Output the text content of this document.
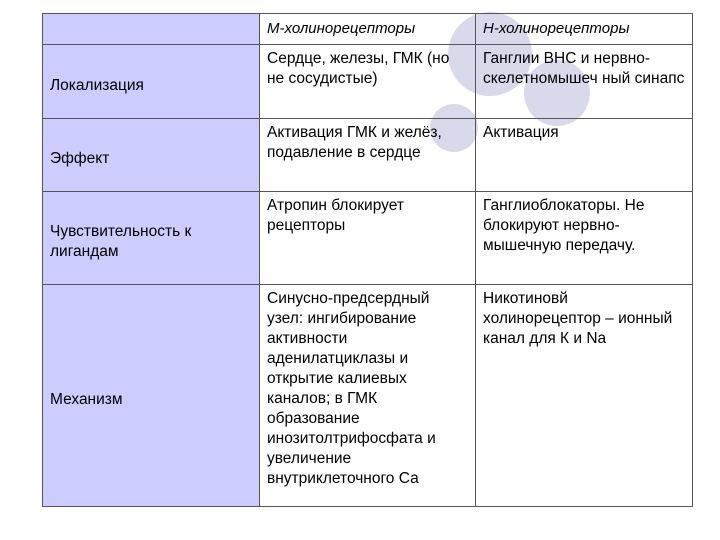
	М-холинорецепторы	Н-холинорецепторы
Локализация	Сердце, железы, ГМК (но не сосудистые)	Ганглии ВНС и нервно-скелетномышеч ный синапс
Эффект	Активация ГМК и желёз, подавление в сердце	Активация
Чувствительность к лигандам	Атропин блокирует рецепторы	Ганглиоблокаторы. Не блокируют нервно-мышечную передачу.
Механизм	Синусно-предсердный узел: ингибирование активности аденилатциклазы и открытие калиевых каналов; в ГМК образование инозитолтрифосфата и увеличение внутриклеточного Са	Никотиновй холинорецептор – ионный канал для К и Na
